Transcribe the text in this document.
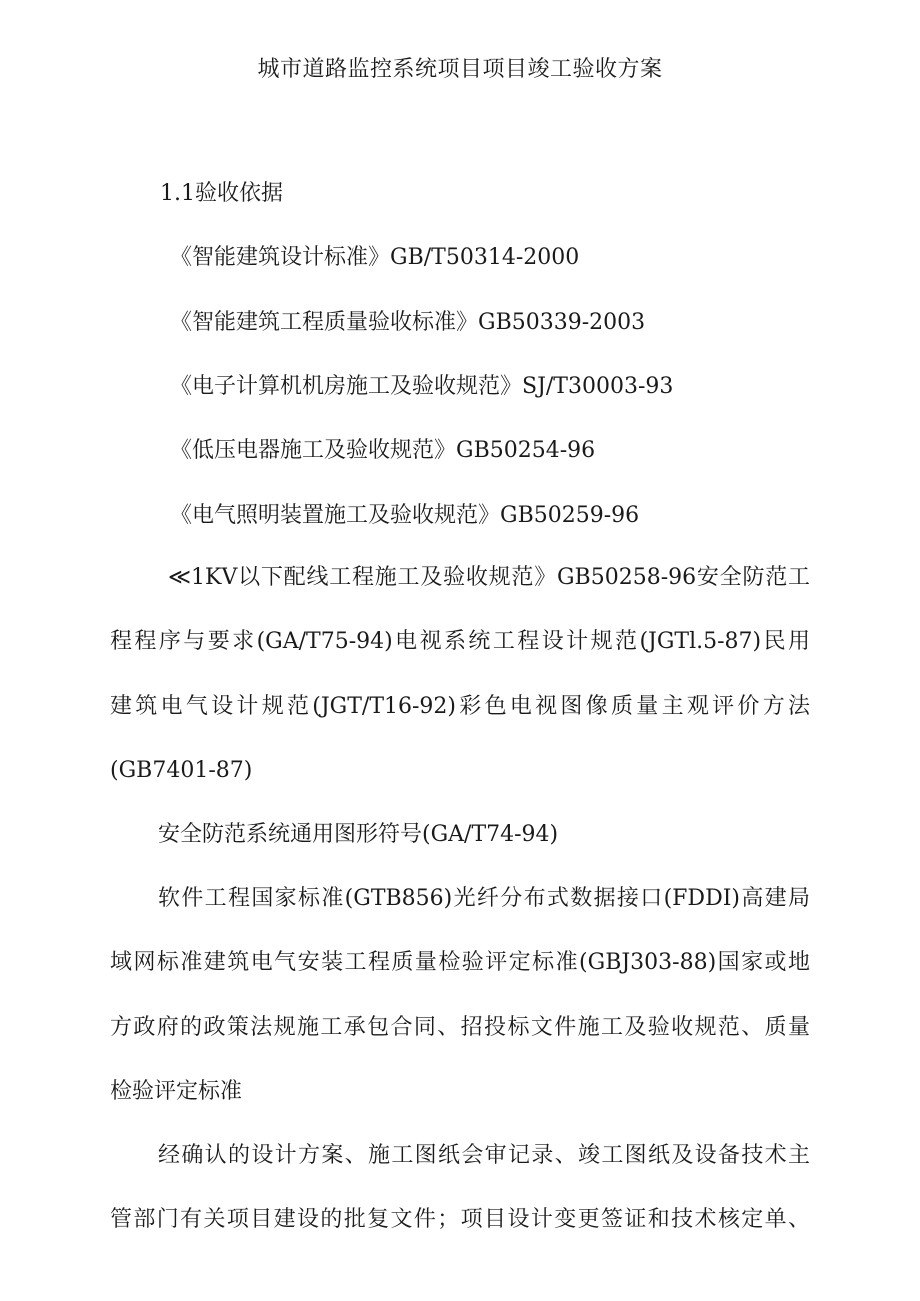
城市道路监控系统项目项目竣工验收方案

1.1验收依据

《智能建筑设计标准》GB/T50314-2000

《智能建筑工程质量验收标准》GB50339-2003

《电子计算机机房施工及验收规范》SJ/T30003-93

《低压电器施工及验收规范》GB50254-96

《电气照明装置施工及验收规范》GB50259-96

≪1KV以下配线工程施工及验收规范》GB50258-96安全防范工
程程序与要求(GA/T75-94)电视系统工程设计规范(JGTl.5-87)民用
建筑电气设计规范(JGT/T16-92)彩色电视图像质量主观评价方法
(GB7401-87)
安全防范系统通用图形符号(GA/T74-94)
软件工程国家标准(GTB856)光纤分布式数据接口(FDDI)高建局
域网标准建筑电气安装工程质量检验评定标准(GBJ303-88)国家或地
方政府的政策法规施工承包合同、招投标文件施工及验收规范、质量
检验评定标准
经确认的设计方案、施工图纸会审记录、竣工图纸及设备技术主
管部门有关项目建设的批复文件；项目设计变更签证和技术核定单、
